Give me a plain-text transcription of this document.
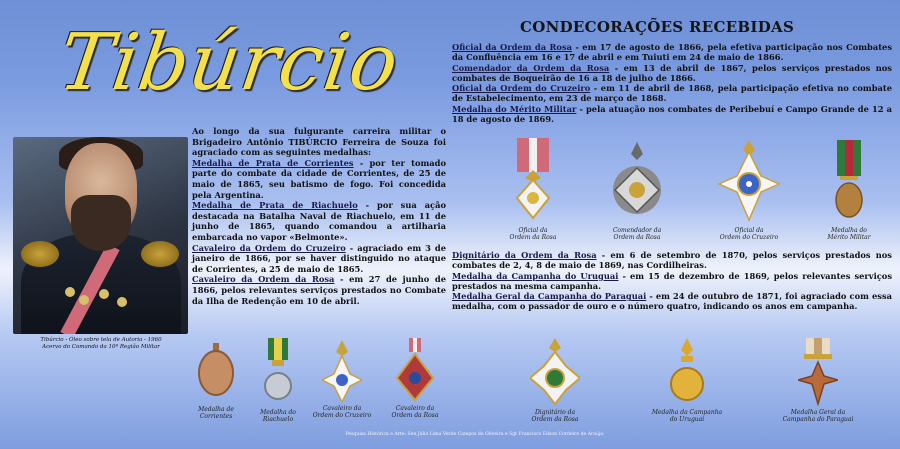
Tibúrcio
Tibúrcio - Óleo sobre tela de Autoria - 1960
Acervo do Comando da 10ª Região Militar
Ao longo da sua fulgurante carreira militar o Brigadeiro Antônio TIBÚRCIO Ferreira de Souza foi agraciado com as seguintes medalhas:
Medalha de Prata de Corrientes - por ter tomado parte do combate da cidade de Corrientes, de 25 de maio de 1865, seu batismo de fogo. Foi concedida pela Argentina.
Medalha de Prata de Riachuelo - por sua ação destacada na Batalha Naval de Riachuelo, em 11 de junho de 1865, quando comandou a artilharia embarcada no vapor «Belmonte».
Cavaleiro da Ordem do Cruzeiro - agraciado em 3 de janeiro de 1866, por se haver distinguido no ataque de Corrientes, a 25 de maio de 1865.
Cavaleiro da Ordem da Rosa - em 27 de junho de 1866, pelos relevantes serviços prestados no Combate da Ilha de Redenção em 10 de abril.
CONDECORAÇÕES RECEBIDAS
Oficial da Ordem da Rosa - em 17 de agosto de 1866, pela efetiva participação nos Combates da Confluência em 16 e 17 de abril e em Tuiuti em 24 de maio de 1866.
Comendador da Ordem da Rosa - em 13 de abril de 1867, pelos serviços prestados nos combates de Boqueirão de 16 a 18 de julho de 1866.
Oficial da Ordem do Cruzeiro - em 11 de abril de 1868, pela participação efetiva no combate de Estabelecimento, em 23 de março de 1868.
Medalha do Mérito Militar - pela atuação nos combates de Peribebuí e Campo Grande de 12 a 18 de agosto de 1869.
Oficial da
Ordem da Rosa
Comendador da
Ordem da Rosa
Oficial da
Ordem do Cruzeiro
Medalha do
Mérito Militar
Dignitário da Ordem da Rosa - em 6 de setembro de 1870, pelos serviços prestados nos combates de 2, 4, 8 de maio de 1869, nas Cordilheiras.
Medalha da Campanha do Uruguai - em 15 de dezembro de 1869, pelos relevantes serviços prestados na mesma campanha.
Medalha Geral da Campanha do Paraguai - em 24 de outubro de 1871, foi agraciado com essa medalha, com o passador de ouro e o número quatro, indicando os anos em campanha.
Medalha de
Corrientes
Medalha do
Riachuelo
Cavaleiro da
Ordem do Cruzeiro
Cavaleiro da
Ordem da Rosa	Dignitário da
Ordem da Rosa
Medalha da Campanha
do Uruguai
Medalha Geral da
Campanha do Paraguai
Pesquisa Histórica e Arte: Sen Júlio Lima Verde Campos de Oliveira e Sgt Francisco Edson Cordeiro de Araújo.
